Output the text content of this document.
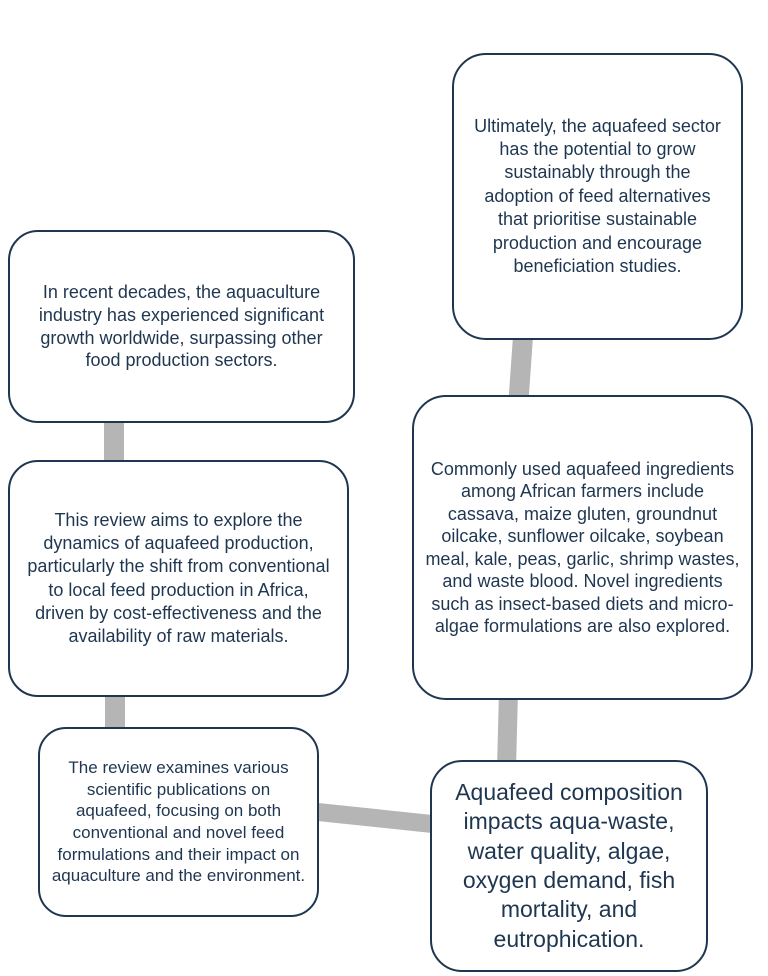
Ultimately, the aquafeed sector has the potential to grow sustainably through the adoption of feed alternatives that prioritise sustainable production and encourage beneficiation studies.
In recent decades, the aquaculture industry has experienced significant growth worldwide, surpassing other food production sectors.
Commonly used aquafeed ingredients among African farmers include cassava, maize gluten, groundnut oilcake, sunflower oilcake, soybean meal, kale, peas, garlic, shrimp wastes, and waste blood. Novel ingredients such as insect-based diets and micro-algae formulations are also explored.
This review aims to explore the dynamics of aquafeed production, particularly the shift from conventional to local feed production in Africa, driven by cost-effectiveness and the availability of raw materials.
The review examines various scientific publications on aquafeed, focusing on both conventional and novel feed formulations and their impact on aquaculture and the environment.
Aquafeed composition impacts aqua-waste, water quality, algae, oxygen demand, fish mortality, and eutrophication.
